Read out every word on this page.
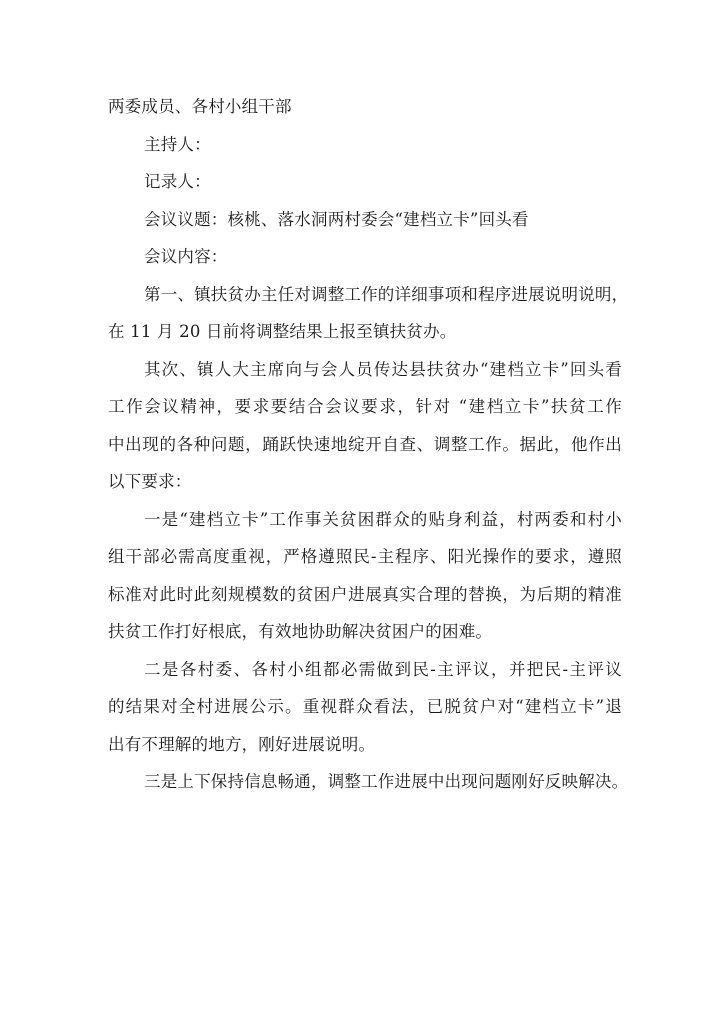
两委成员、各村小组干部
主持人：
记录人：
会议议题：核桃、落水洞两村委会“建档立卡”回头看
会议内容：
第一、镇扶贫办主任对调整工作的详细事项和程序进展说明说明，
在 11 月 20 日前将调整结果上报至镇扶贫办。
其次、镇人大主席向与会人员传达县扶贫办“建档立卡”回头看
工作会议精神，要求要结合会议要求，针对 “建档立卡”扶贫工作
中出现的各种问题，踊跃快速地绽开自查、调整工作。据此，他作出
以下要求：
一是“建档立卡”工作事关贫困群众的贴身利益，村两委和村小
组干部必需高度重视，严格遵照民-主程序、阳光操作的要求，遵照
标准对此时此刻规模数的贫困户进展真实合理的替换，为后期的精准
扶贫工作打好根底，有效地协助解决贫困户的困难。
二是各村委、各村小组都必需做到民-主评议，并把民-主评议
的结果对全村进展公示。重视群众看法，已脱贫户对“建档立卡”退
出有不理解的地方，刚好进展说明。
三是上下保持信息畅通，调整工作进展中出现问题刚好反映解决。
